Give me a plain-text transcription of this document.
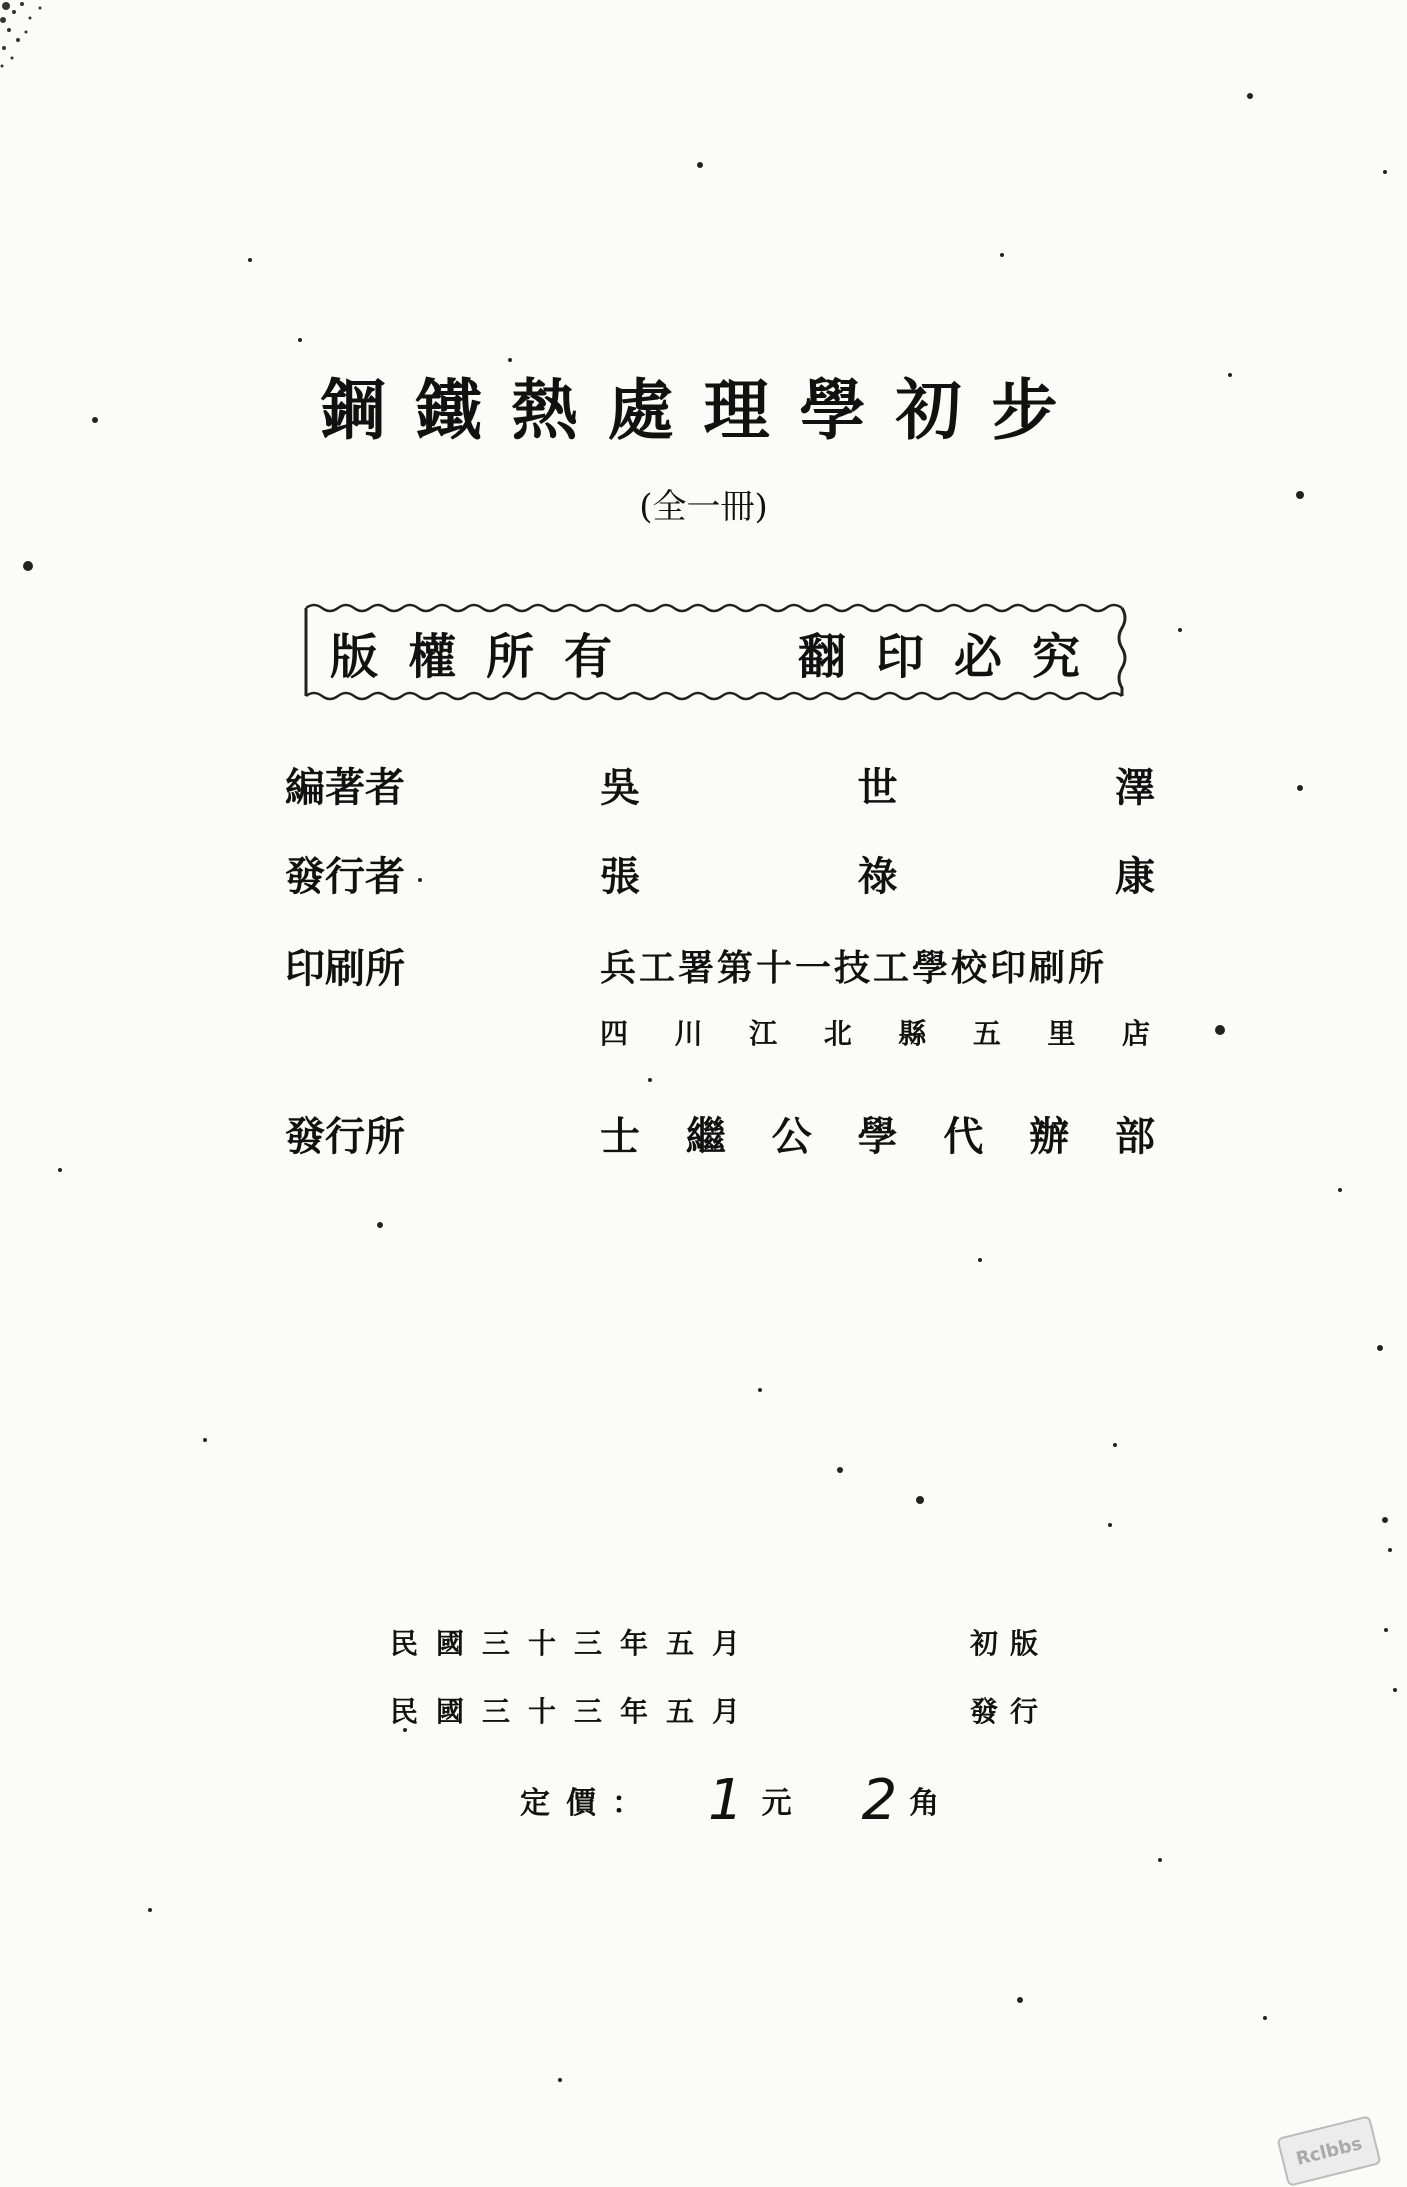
鋼鐵熱處理學初步
(全一冊)
版權所有	翻印必究
編著者	吳	世	澤
發行者	張	祿	康
印刷所	兵工署第十一技工學校印刷所
四 川 江 北 縣 五 里 店
發行所	士 繼 公 學 代 辦 部
民國三十三年五月	初版
民國三十三年五月	發行
定價： 1 元 2 角
Rclbbs
